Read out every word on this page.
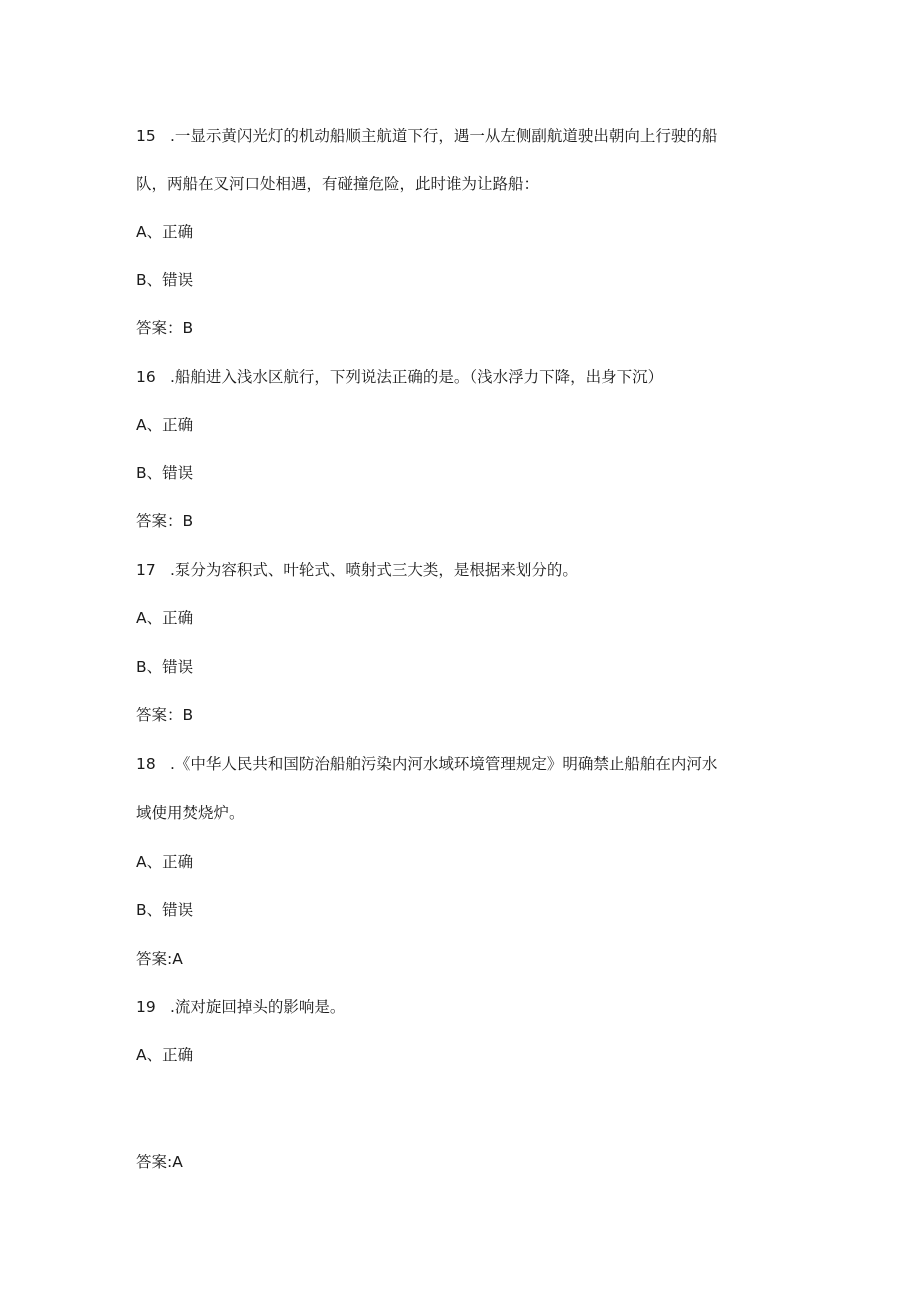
15 .一显示黄闪光灯的机动船顺主航道下行，遇一从左侧副航道驶出朝向上行驶的船
队，两船在叉河口处相遇，有碰撞危险，此时谁为让路船：
A、正确
B、错误
答案：B
16 .船舶进入浅水区航行，下列说法正确的是。（浅水浮力下降，出身下沉）
A、正确
B、错误
答案：B
17 .泵分为容积式、叶轮式、喷射式三大类，是根据来划分的。
A、正确
B、错误
答案：B
18 .《中华人民共和国防治船舶污染内河水域环境管理规定》明确禁止船舶在内河水
域使用焚烧炉。
A、正确
B、错误
答案:A
19 .流对旋回掉头的影响是。
A、正确
答案:A
